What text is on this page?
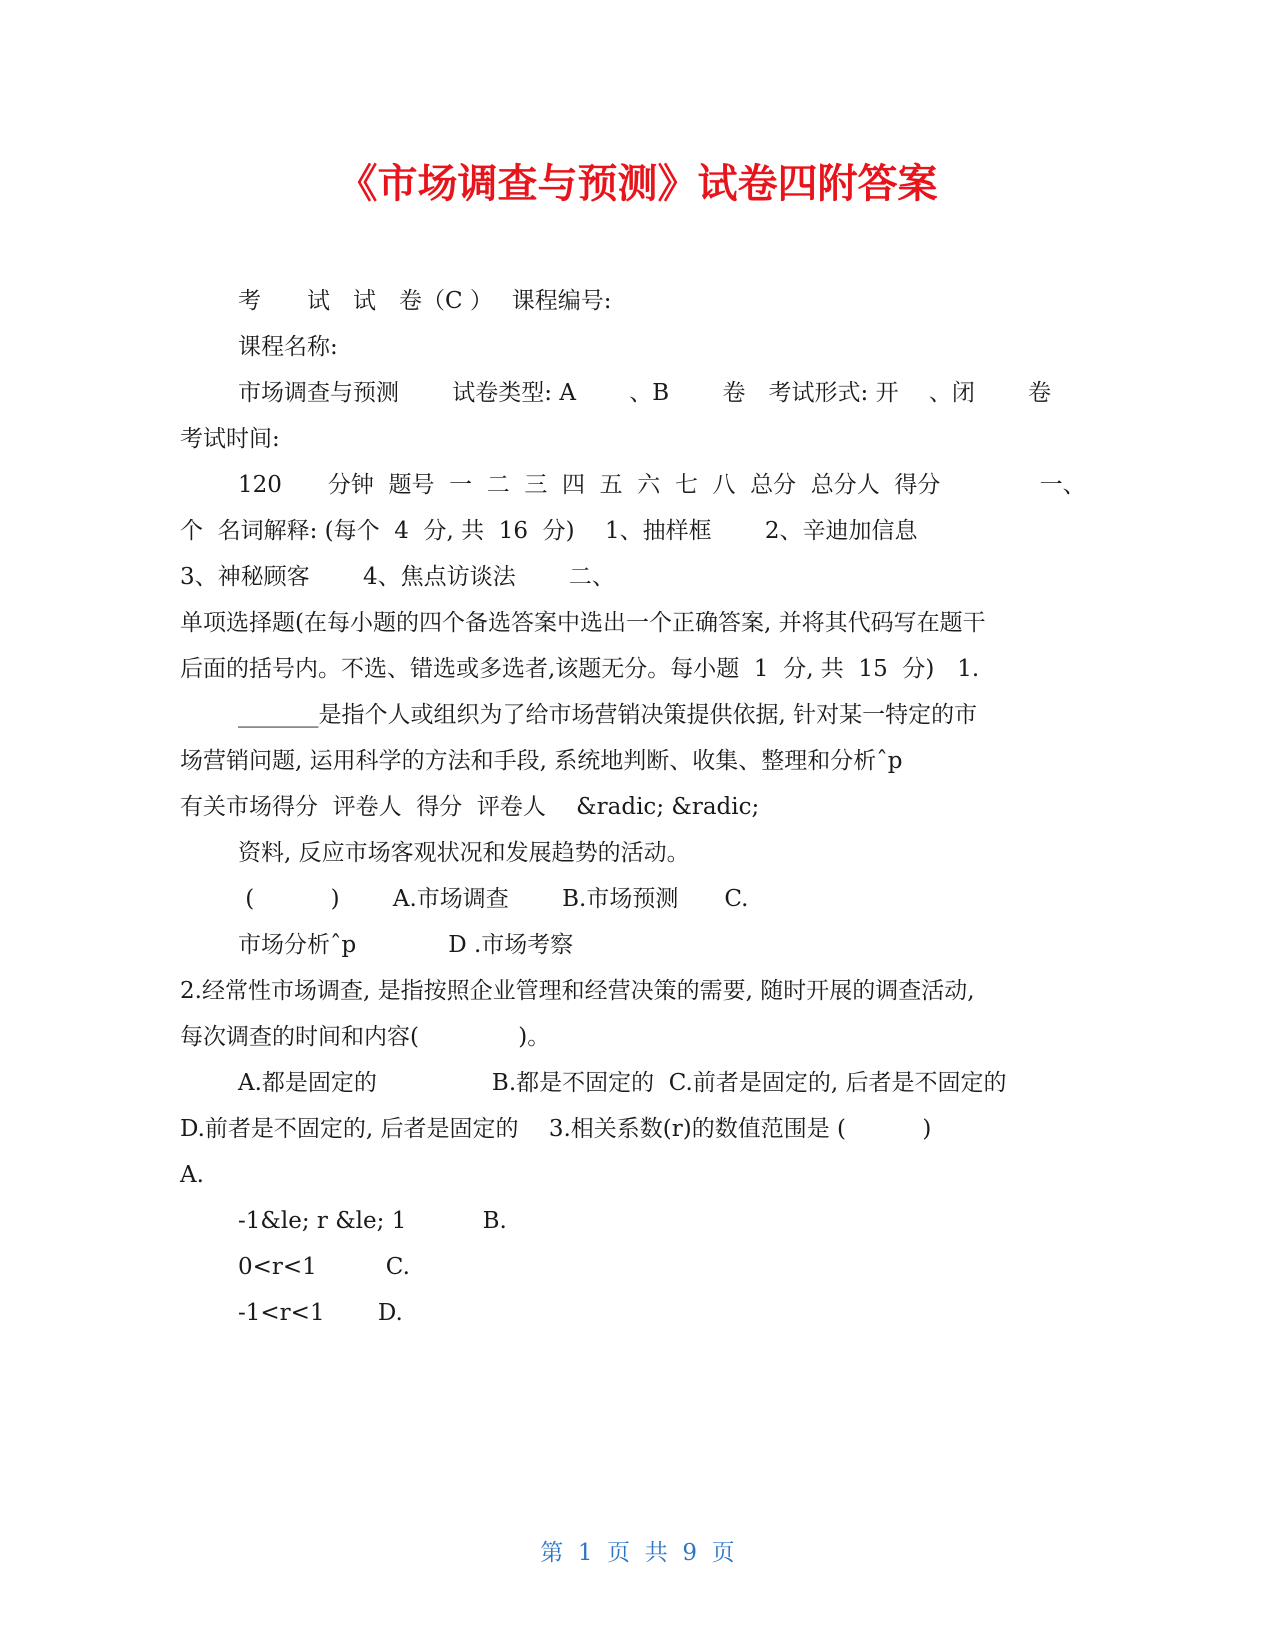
《市场调查与预测》试卷四附答案
考　　试　试　卷（C ）　 课程编号:
课程名称:
市场调查与预测　　 试卷类型: A　　 、B　　 卷　考试形式: 开　 、闭　　 卷
考试时间:
120　　分钟  题号  一  二  三  四  五  六  七  八  总分  总分人  得分　　　　 一、
个  名词解释: (每个  4  分, 共  16  分)　 1、抽样框　　 2、辛迪加信息
3、神秘顾客　　 4、焦点访谈法　　 二、
单项选择题(在每小题的四个备选答案中选出一个正确答案, 并将其代码写在题干
后面的括号内。不选、错选或多选者,该题无分。每小题  1  分, 共  15  分)　1.
_______是指个人或组织为了给市场营销决策提供依据, 针对某一特定的市
场营销问题, 运用科学的方法和手段, 系统地判断、收集、整理和分析ˆp
有关市场得分  评卷人  得分  评卷人　 &radic; &radic;
资料, 反应市场客观状况和发展趋势的活动。
(　　　 )　　 A.市场调查　　 B.市场预测　　C.
市场分析ˆp　　　　D .市场考察
2.经常性市场调查, 是指按照企业管理和经营决策的需要, 随时开展的调查活动,
每次调查的时间和内容(　　　　 )。
A.都是固定的　　　　　B.都是不固定的  C.前者是固定的, 后者是不固定的
D.前者是不固定的, 后者是固定的　 3.相关系数(r)的数值范围是 (　　　 )
A.
-1&le; r &le; 1　　　 B.
0<r<1　　　C.
-1<r<1　　 D.
第  1  页  共  9  页
